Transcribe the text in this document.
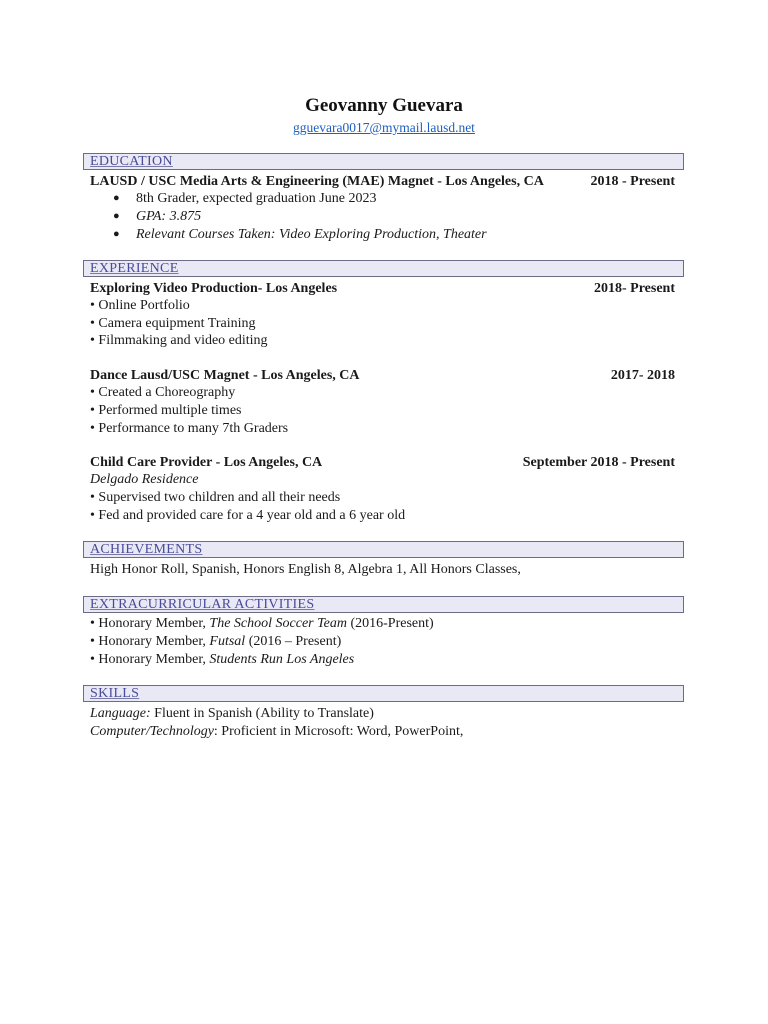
Geovanny Guevara
gguevara0017@mymail.lausd.net
EDUCATION
LAUSD / USC Media Arts & Engineering (MAE) Magnet - Los Angeles, CA	2018 - Present
● 8th Grader, expected graduation June 2023
● GPA: 3.875
● Relevant Courses Taken: Video Exploring Production, Theater
EXPERIENCE
Exploring Video Production- Los Angeles	2018- Present
• Online Portfolio
• Camera equipment Training
• Filmmaking and video editing
Dance Lausd/USC Magnet - Los Angeles, CA	2017- 2018
• Created a Choreography
• Performed multiple times
• Performance to many 7th Graders
Child Care Provider - Los Angeles, CA	September 2018 - Present
Delgado Residence
• Supervised two children and all their needs
• Fed and provided care for a 4 year old and a 6 year old
ACHIEVEMENTS
High Honor Roll, Spanish, Honors English 8, Algebra 1, All Honors Classes,
EXTRACURRICULAR ACTIVITIES
• Honorary Member, The School Soccer Team (2016-Present)
• Honorary Member, Futsal (2016 – Present)
• Honorary Member, Students Run Los Angeles
SKILLS
Language: Fluent in Spanish (Ability to Translate)
Computer/Technology: Proficient in Microsoft: Word, PowerPoint,
